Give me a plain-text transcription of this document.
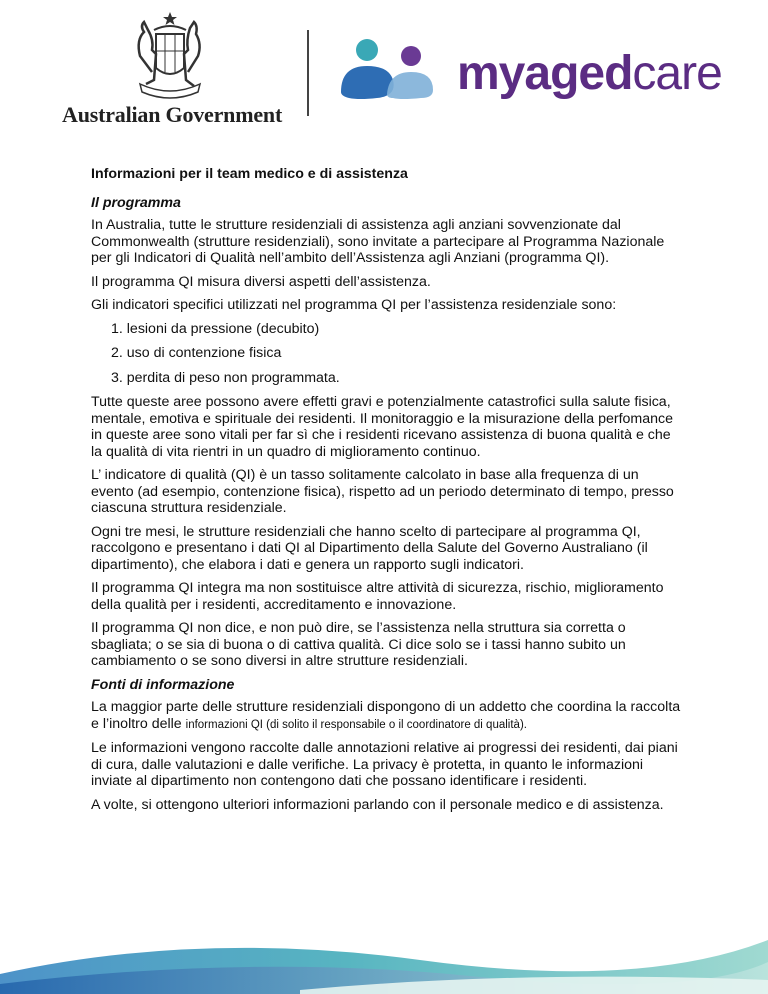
Australian Government
myagedcare

Informazioni per il team medico e di assistenza

Il programma

In Australia, tutte le strutture residenziali di assistenza agli anziani sovvenzionate dal Commonwealth (strutture residenziali), sono invitate a partecipare al Programma Nazionale per gli Indicatori di Qualità nell’ambito dell’Assistenza agli Anziani (programma QI).

Il programma QI misura diversi aspetti dell’assistenza.

Gli indicatori specifici utilizzati nel programma QI per l’assistenza residenziale sono:

1. lesioni da pressione (decubito)

2. uso di contenzione fisica

3. perdita di peso non programmata.

Tutte queste aree possono avere effetti gravi e potenzialmente catastrofici sulla salute fisica, mentale, emotiva e spirituale dei residenti. Il monitoraggio e la misurazione della perfomance in queste aree sono vitali per far sì che i residenti ricevano assistenza di buona qualità e che la qualità di vita rientri in un quadro di miglioramento continuo.

L’ indicatore di qualità (QI) è un tasso solitamente calcolato in base alla frequenza di un evento (ad esempio, contenzione fisica), rispetto ad un periodo determinato di tempo, presso ciascuna struttura residenziale.

Ogni tre mesi, le strutture residenziali che hanno scelto di partecipare al programma QI, raccolgono e presentano i dati QI al Dipartimento della Salute del Governo Australiano (il dipartimento), che elabora i dati e genera un rapporto sugli indicatori.

Il programma QI integra ma non sostituisce altre attività di sicurezza, rischio, miglioramento della qualità per i residenti, accreditamento e innovazione.

Il programma QI non dice, e non può dire, se l’assistenza nella struttura sia corretta o sbagliata; o se sia di buona o di cattiva qualità. Ci dice solo se i tassi hanno subito un cambiamento o se sono diversi in altre strutture residenziali.

Fonti di informazione

La maggior parte delle strutture residenziali dispongono di un addetto che coordina la raccolta e l’inoltro delle informazioni QI (di solito il responsabile o il coordinatore di qualità).

Le informazioni vengono raccolte dalle annotazioni relative ai progressi dei residenti, dai piani di cura, dalle valutazioni e dalle verifiche. La privacy è protetta, in quanto le informazioni inviate al dipartimento non contengono dati che possano identificare i residenti.

A volte, si ottengono ulteriori informazioni parlando con il personale medico e di assistenza.
